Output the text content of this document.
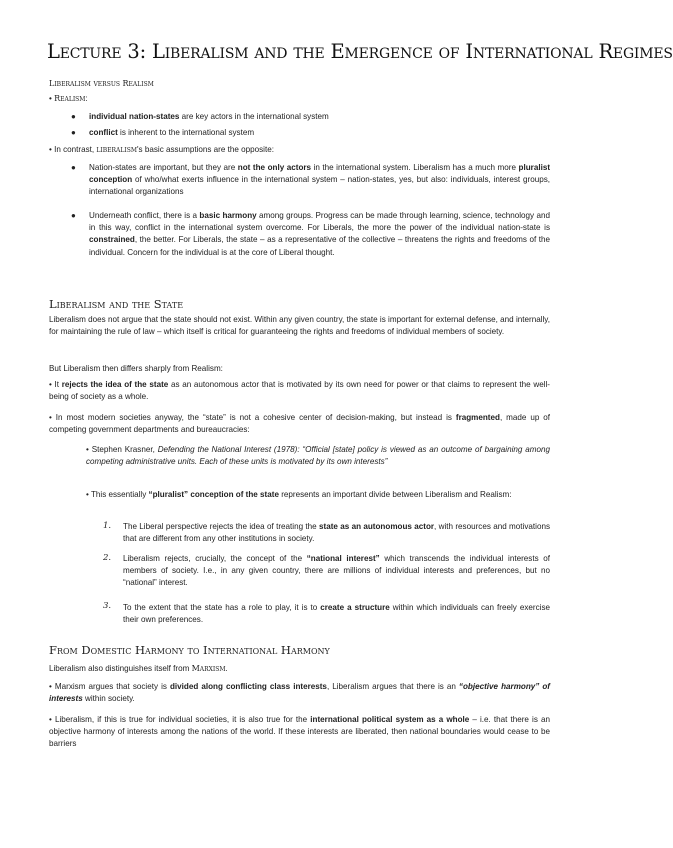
Lecture 3: Liberalism and the Emergence of International Regimes
Liberalism versus Realism
• Realism:
● individual nation-states are key actors in the international system
● conflict is inherent to the international system
• In contrast, liberalism's basic assumptions are the opposite:
● Nation-states are important, but they are not the only actors in the international system. Liberalism has a much more pluralist conception of who/what exerts influence in the international system – nation-states, yes, but also: individuals, interest groups, international organizations
● Underneath conflict, there is a basic harmony among groups. Progress can be made through learning, science, technology and in this way, conflict in the international system overcome. For Liberals, the more the power of the individual nation-state is constrained, the better. For Liberals, the state – as a representative of the collective – threatens the rights and freedoms of the individual. Concern for the individual is at the core of Liberal thought.
Liberalism and the State
Liberalism does not argue that the state should not exist. Within any given country, the state is important for external defense, and internally, for maintaining the rule of law – which itself is critical for guaranteeing the rights and freedoms of individual members of society.
But Liberalism then differs sharply from Realism:
• It rejects the idea of the state as an autonomous actor that is motivated by its own need for power or that claims to represent the well-being of society as a whole.
• In most modern societies anyway, the “state” is not a cohesive center of decision-making, but instead is fragmented, made up of competing government departments and bureaucracies:
• Stephen Krasner, Defending the National Interest (1978): “Official [state] policy is viewed as an outcome of bargaining among competing administrative units. Each of these units is motivated by its own interests”
• This essentially “pluralist” conception of the state represents an important divide between Liberalism and Realism:
1. The Liberal perspective rejects the idea of treating the state as an autonomous actor, with resources and motivations that are different from any other institutions in society.
2. Liberalism rejects, crucially, the concept of the “national interest” which transcends the individual interests of members of society. I.e., in any given country, there are millions of individual interests and preferences, but no “national” interest.
3. To the extent that the state has a role to play, it is to create a structure within which individuals can freely exercise their own preferences.
From Domestic Harmony to International Harmony
Liberalism also distinguishes itself from Marxism.
• Marxism argues that society is divided along conflicting class interests, Liberalism argues that there is an “objective harmony” of interests within society.
• Liberalism, if this is true for individual societies, it is also true for the international political system as a whole – i.e. that there is an objective harmony of interests among the nations of the world. If these interests are liberated, then national boundaries would cease to be barriers
